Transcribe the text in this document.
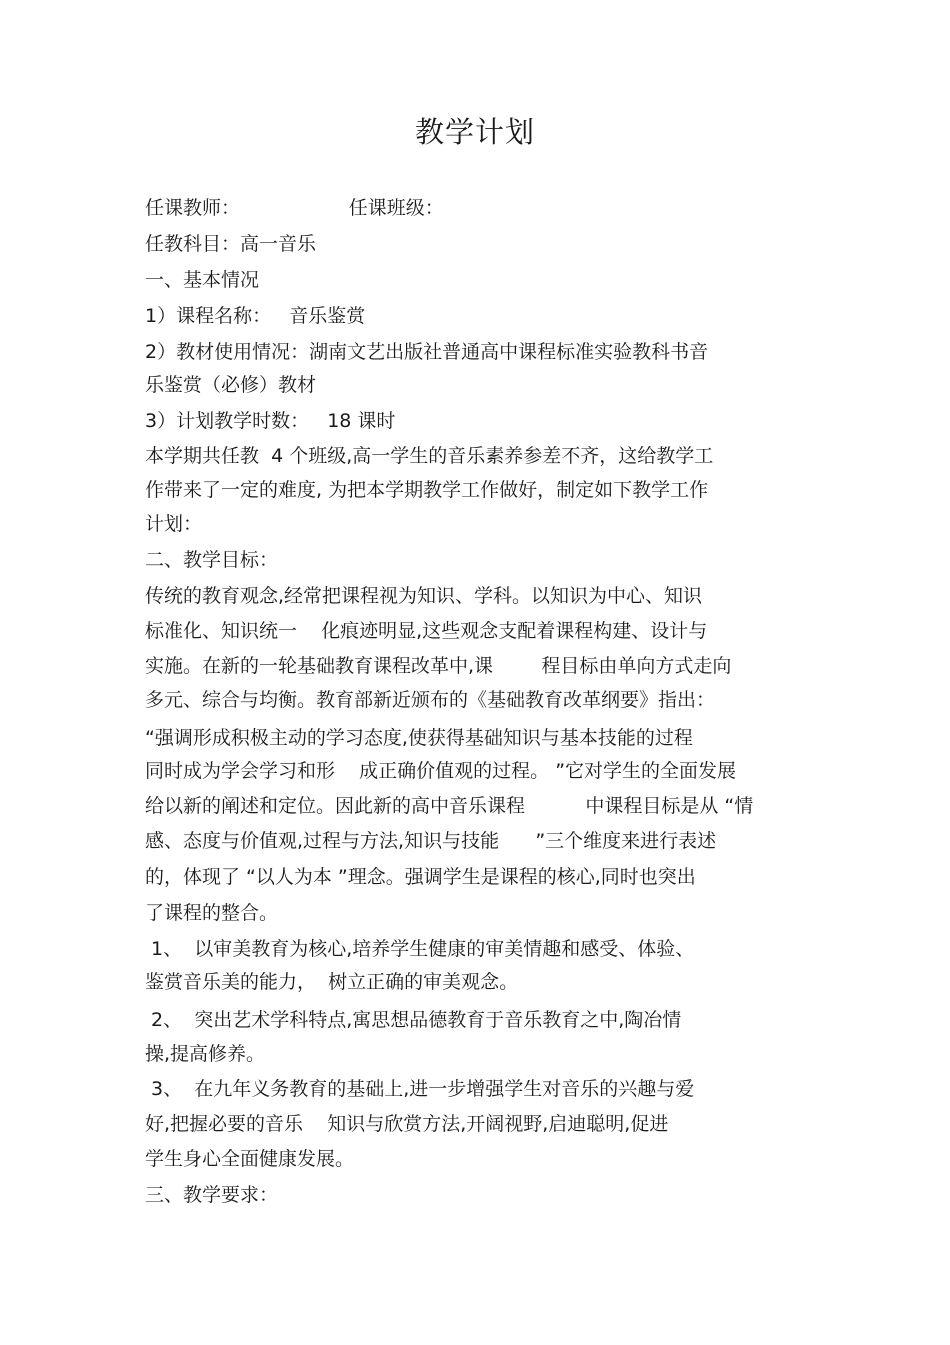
教学计划
任课教师：                  任课班级：
任教科目：高一音乐
一、基本情况
1）课程名称：   音乐鉴赏
2）教材使用情况：湖南文艺出版社普通高中课程标准实验教科书音
乐鉴赏（必修）教材
3）计划教学时数：   18 课时
本学期共任教  4 个班级,高一学生的音乐素养参差不齐，这给教学工
作带来了一定的难度, 为把本学期教学工作做好，制定如下教学工作
计划：
二、教学目标：
传统的教育观念,经常把课程视为知识、学科。以知识为中心、知识
标准化、知识统一    化痕迹明显,这些观念支配着课程构建、设计与
实施。在新的一轮基础教育课程改革中,课        程目标由单向方式走向
多元、综合与均衡。教育部新近颁布的《基础教育改革纲要》指出：
“强调形成积极主动的学习态度,使获得基础知识与基本技能的过程
同时成为学会学习和形    成正确价值观的过程。 ”它对学生的全面发展
给以新的阐述和定位。因此新的高中音乐课程          中课程目标是从 “情
感、态度与价值观,过程与方法,知识与技能      ”三个维度来进行表述
的，体现了 “以人为本 ”理念。强调学生是课程的核心,同时也突出
了课程的整合。
1、  以审美教育为核心,培养学生健康的审美情趣和感受、体验、
鉴赏音乐美的能力，  树立正确的审美观念。
2、  突出艺术学科特点,寓思想品德教育于音乐教育之中,陶冶情
操,提高修养。
3、  在九年义务教育的基础上,进一步增强学生对音乐的兴趣与爱
好,把握必要的音乐    知识与欣赏方法,开阔视野,启迪聪明,促进
学生身心全面健康发展。
三、教学要求：
